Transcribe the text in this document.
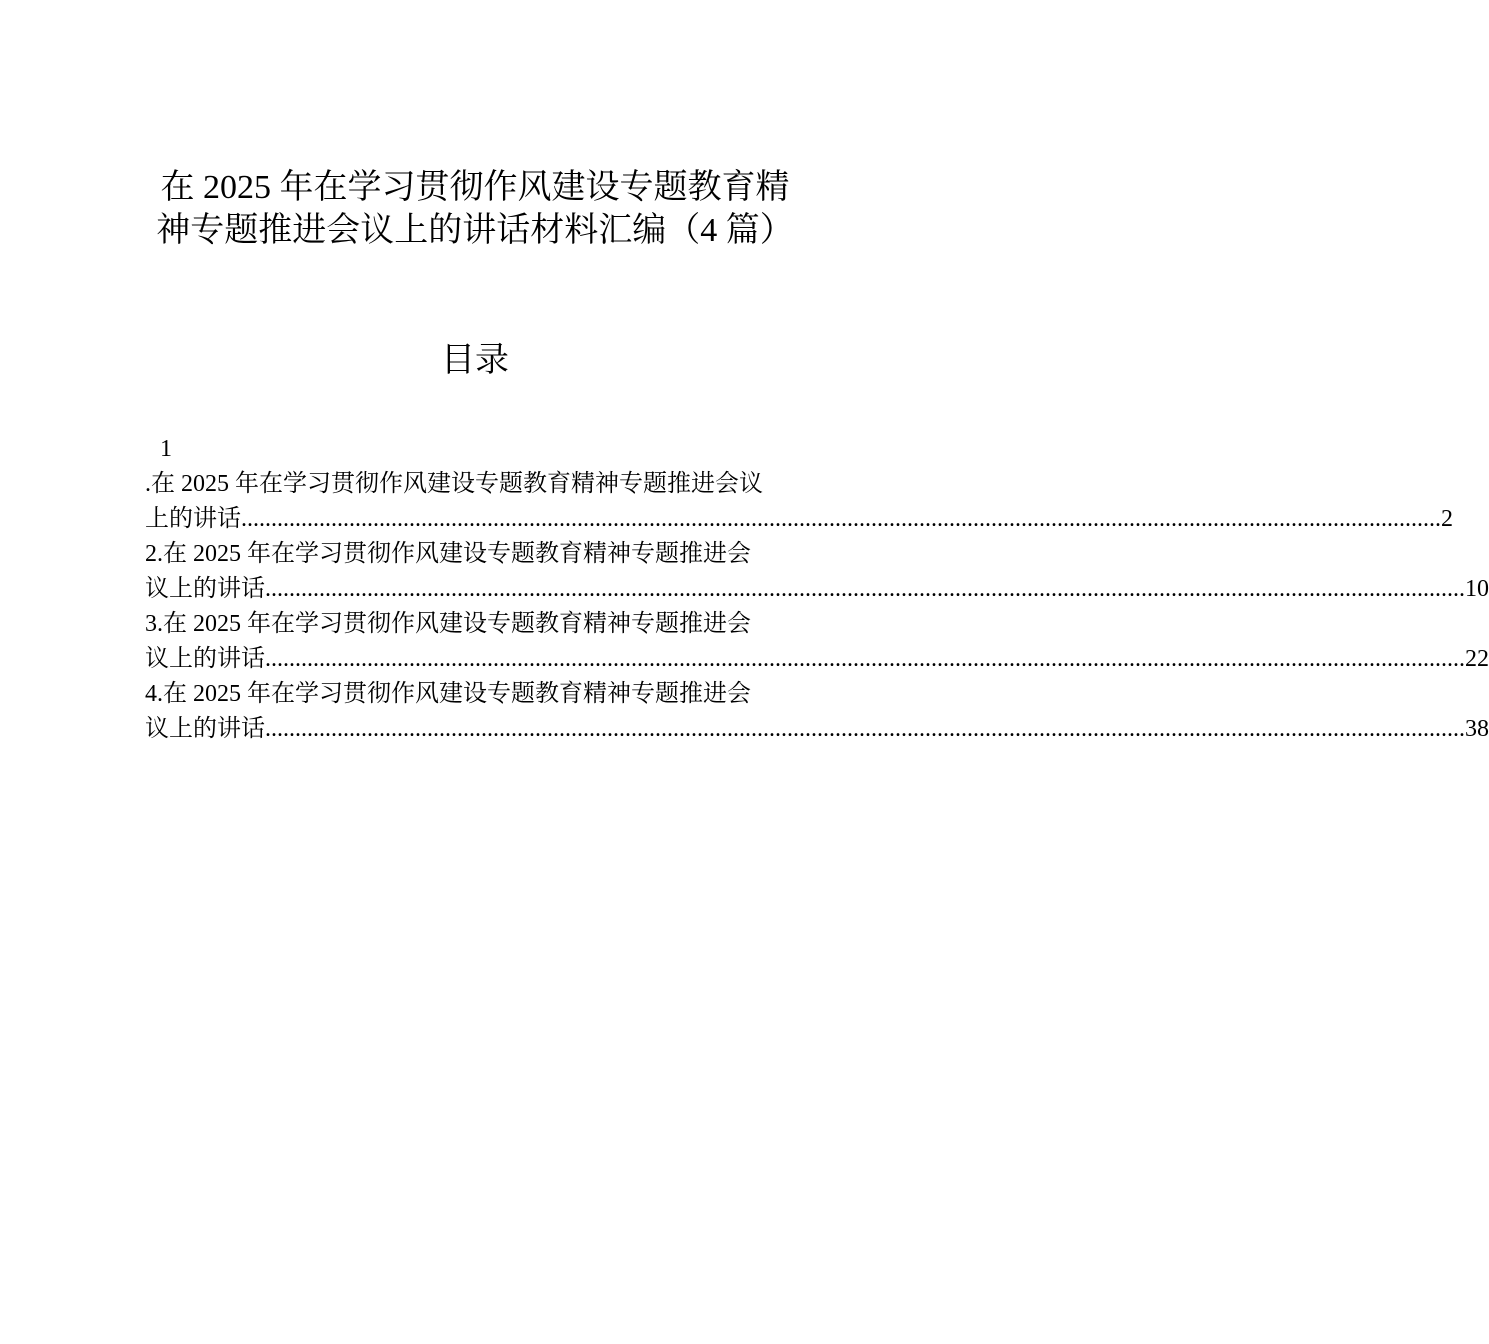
在 2025 年在学习贯彻作风建设专题教育精
神专题推进会议上的讲话材料汇编（4 篇）
目录
1
.在 2025 年在学习贯彻作风建设专题教育精神专题推进会议
上的讲话 ........................................................................................................................................................................................................ 2
2.在 2025 年在学习贯彻作风建设专题教育精神专题推进会
议上的讲话 ........................................................................................................................................................................................................ 10
3.在 2025 年在学习贯彻作风建设专题教育精神专题推进会
议上的讲话 ........................................................................................................................................................................................................ 22
4.在 2025 年在学习贯彻作风建设专题教育精神专题推进会
议上的讲话 ........................................................................................................................................................................................................ 38
